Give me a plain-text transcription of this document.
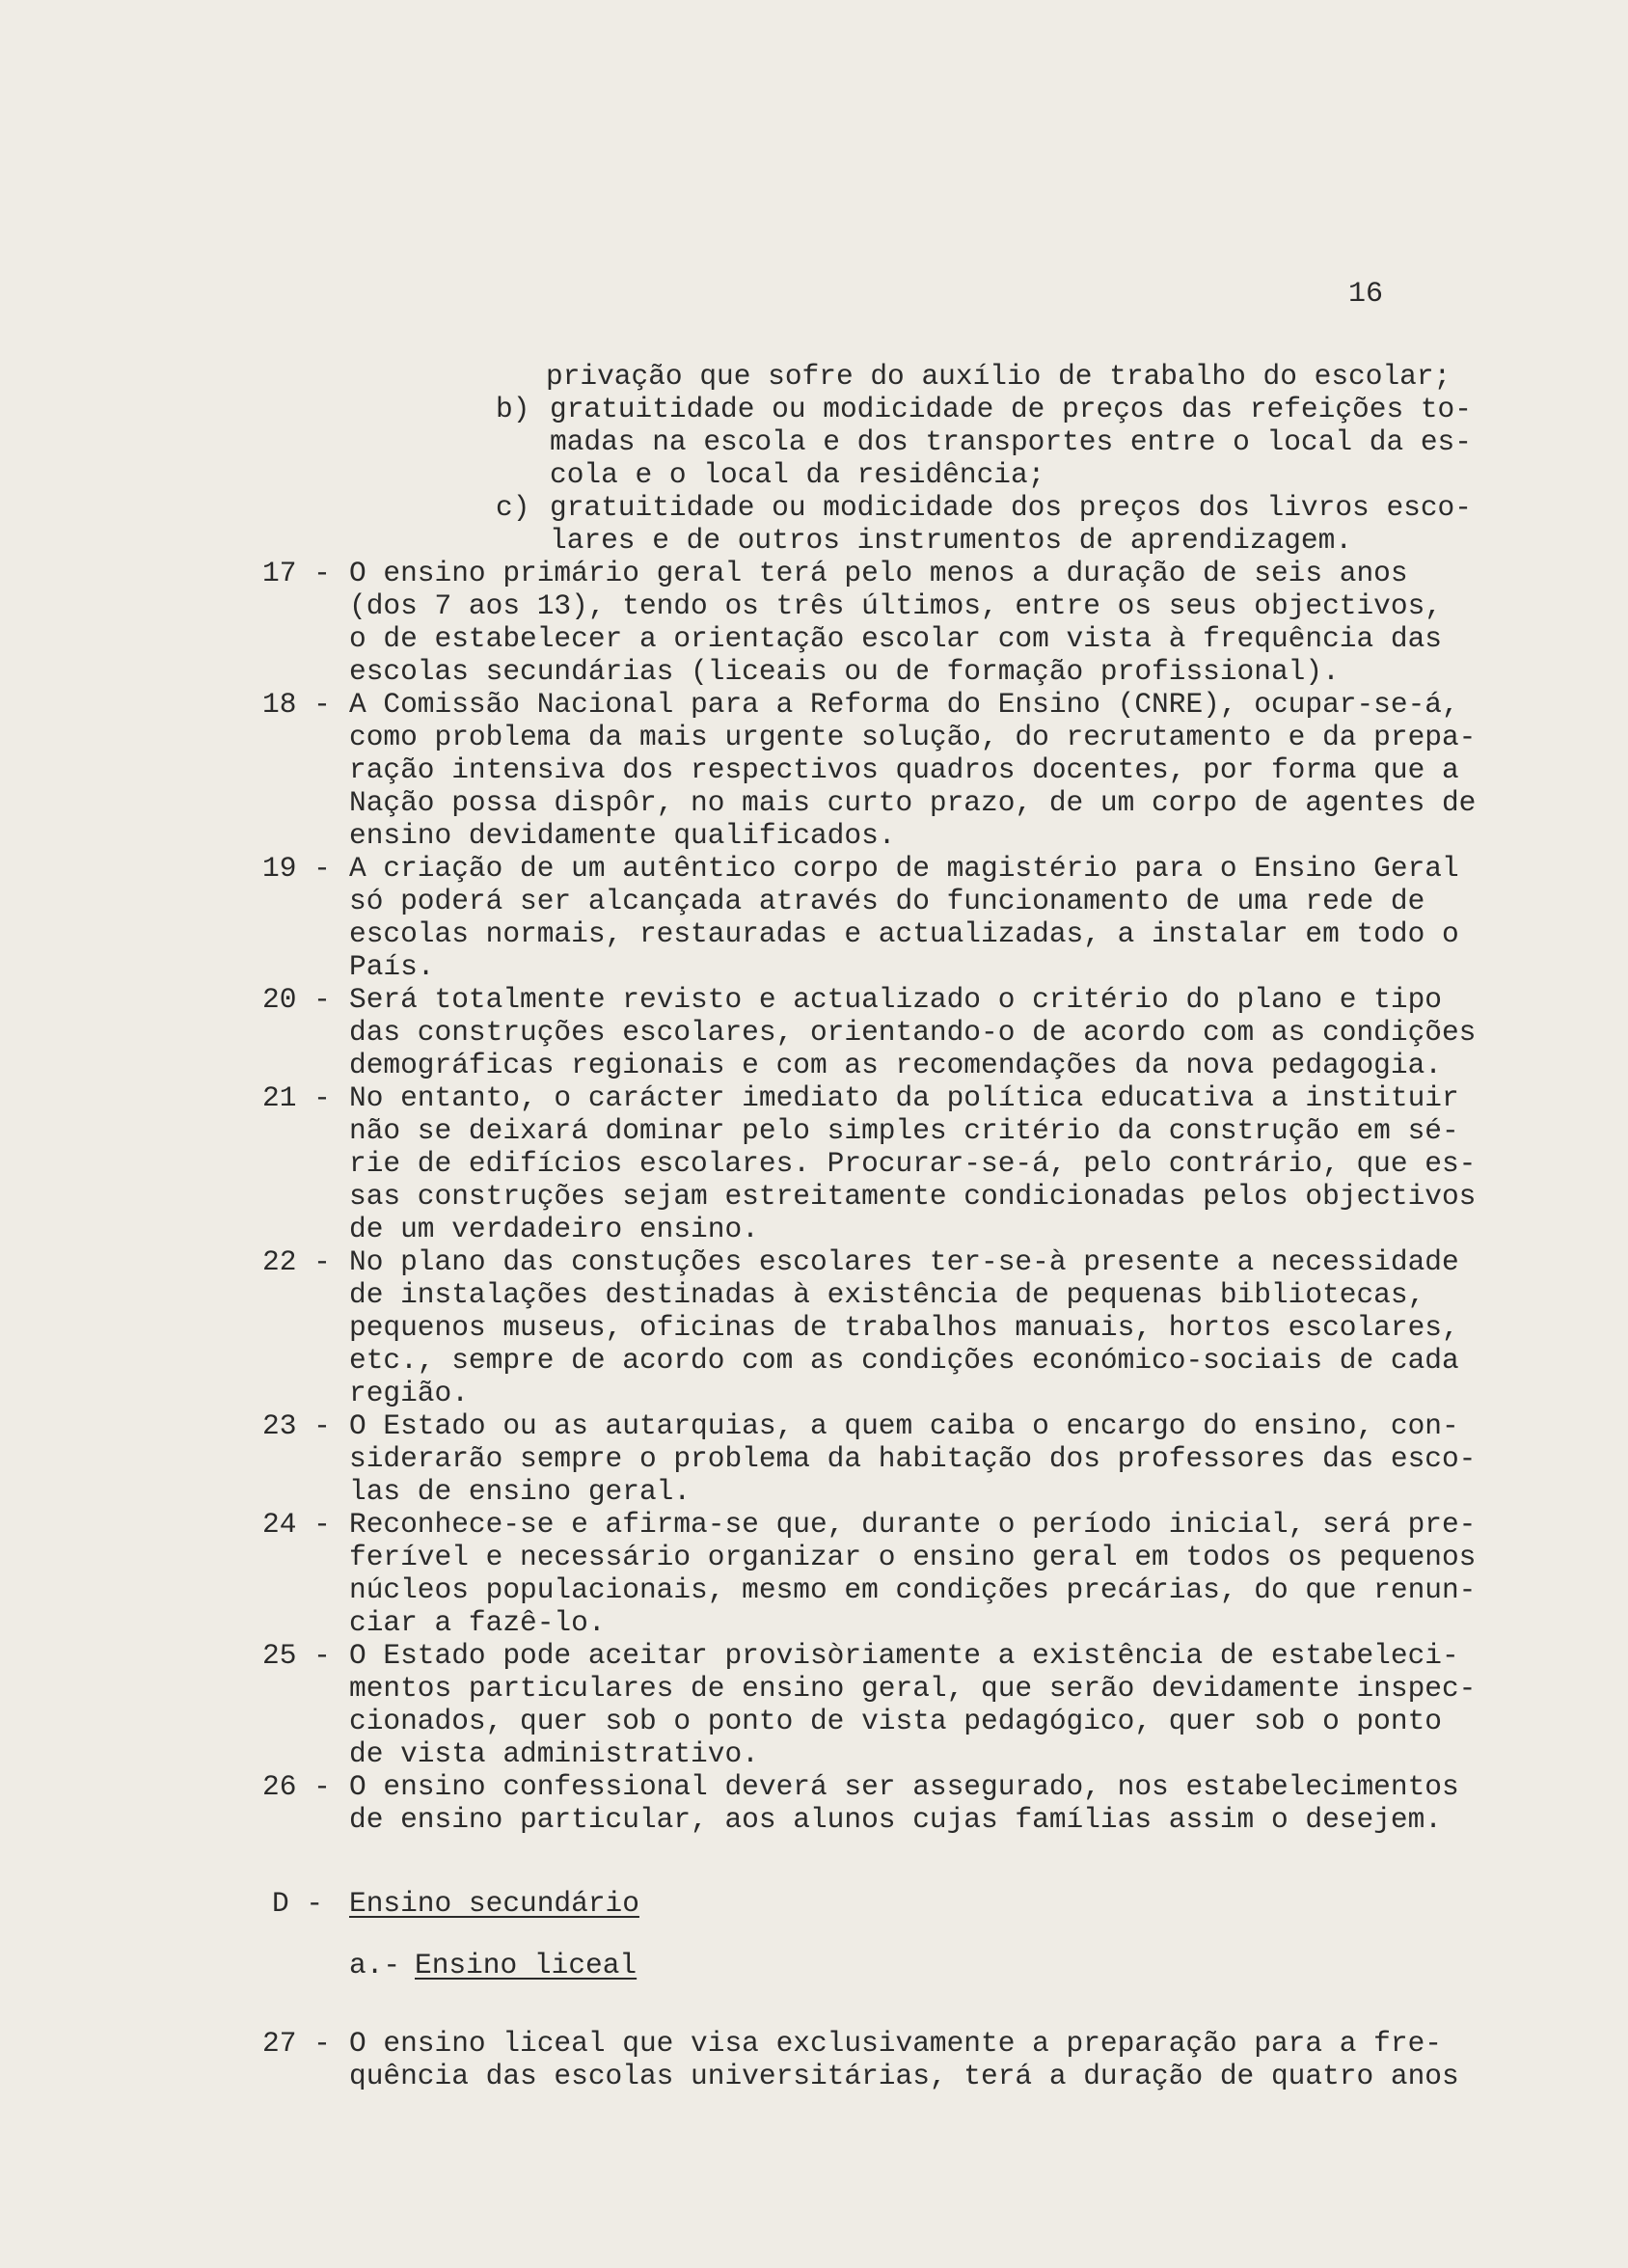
16
privação que sofre do auxílio de trabalho do escolar;
b) gratuitidade ou modicidade de preços das refeições to-
madas na escola e dos transportes entre o local da es-
cola e o local da residência;
c) gratuitidade ou modicidade dos preços dos livros esco-
lares e de outros instrumentos de aprendizagem.
17 - O ensino primário geral terá pelo menos a duração de seis anos
(dos 7 aos 13), tendo os três últimos, entre os seus objectivos,
o de estabelecer a orientação escolar com vista à frequência das
escolas secundárias (liceais ou de formação profissional).
18 - A Comissão Nacional para a Reforma do Ensino (CNRE), ocupar-se-á,
como problema da mais urgente solução, do recrutamento e da prepa-
ração intensiva dos respectivos quadros docentes, por forma que a
Nação possa dispôr, no mais curto prazo, de um corpo de agentes de
ensino devidamente qualificados.
19 - A criação de um autêntico corpo de magistério para o Ensino Geral
só poderá ser alcançada através do funcionamento de uma rede de
escolas normais, restauradas e actualizadas, a instalar em todo o
País.
20 - Será totalmente revisto e actualizado o critério do plano e tipo
das construções escolares, orientando-o de acordo com as condições
demográficas regionais e com as recomendações da nova pedagogia.
21 - No entanto, o carácter imediato da política educativa a instituir
não se deixará dominar pelo simples critério da construção em sé-
rie de edifícios escolares. Procurar-se-á, pelo contrário, que es-
sas construções sejam estreitamente condicionadas pelos objectivos
de um verdadeiro ensino.
22 - No plano das constuções escolares ter-se-à presente a necessidade
de instalações destinadas à existência de pequenas bibliotecas,
pequenos museus, oficinas de trabalhos manuais, hortos escolares,
etc., sempre de acordo com as condições económico-sociais de cada
região.
23 - O Estado ou as autarquias, a quem caiba o encargo do ensino, con-
siderarão sempre o problema da habitação dos professores das esco-
las de ensino geral.
24 - Reconhece-se e afirma-se que, durante o período inicial, será pre-
ferível e necessário organizar o ensino geral em todos os pequenos
núcleos populacionais, mesmo em condições precárias, do que renun-
ciar a fazê-lo.
25 - O Estado pode aceitar provisòriamente a existência de estabeleci-
mentos particulares de ensino geral, que serão devidamente inspec-
cionados, quer sob o ponto de vista pedagógico, quer sob o ponto
de vista administrativo.
26 - O ensino confessional deverá ser assegurado, nos estabelecimentos
de ensino particular, aos alunos cujas famílias assim o desejem.
D - Ensino secundário
a.- Ensino liceal
27 - O ensino liceal que visa exclusivamente a preparação para a fre-
quência das escolas universitárias, terá a duração de quatro anos
